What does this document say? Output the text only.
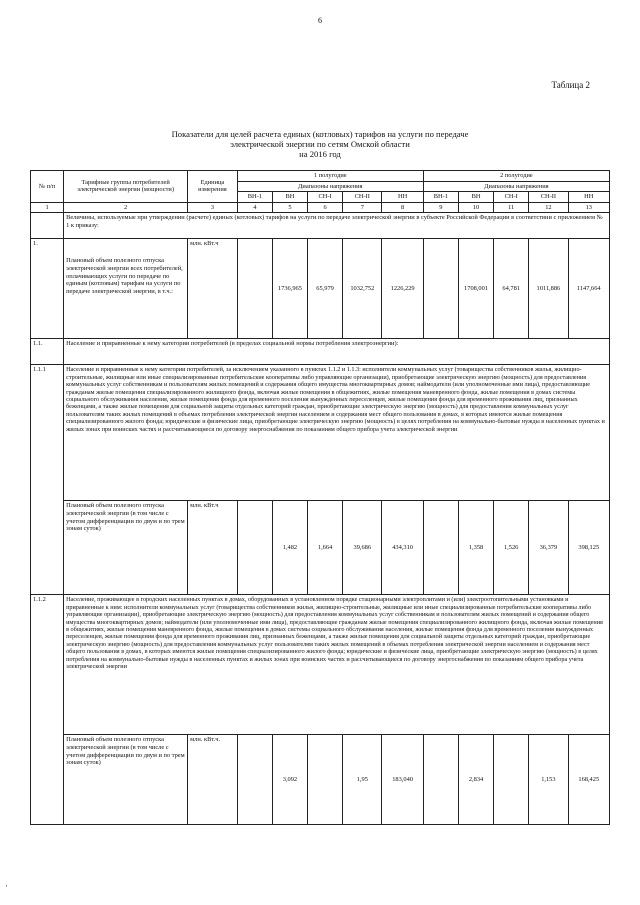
6
Таблица 2
Показатели для целей расчета единых (котловых) тарифов на услуги по передаче
электрической энергии по сетям Омской области
на 2016 год
№ п/п	Тарифные группы потребителей электрической энергии (мощности)	Единица измерения	1 полугодие					2 полугодие				
			Диапазоны напряжения					Диапазоны напряжения				
			ВН-1	ВН	СН-I	СН-II	НН	ВН-1	ВН	СН-I	СН-II	НН
1	2	3	4	5	6	7	8	9	10	11	12	13
	Величины, используемые при утверждении (расчете) единых (котловых) тарифов на услуги по передаче электрической энергии в субъекте Российской Федерации в соответствии с приложением № 1 к приказу:											
1.	Плановый объем полезного отпуска электрической энергии всех потребителей, оплачивающих услуги по передаче по единым (котловым) тарифам на услуги по передаче электрической энергии, в т.ч.:	млн. кВт.ч		1736,965	65,979	1032,752	1226,229		1708,001	64,781	1011,886	1147,664
1.1.	Население и приравненные к нему категории потребителей (в пределах социальной нормы потребления электроэнергии):											
1.1.1	Население и приравненные к нему категории потребителей, за исключением указанного в пунктах 1.1.2 и 1.1.3: исполнители коммунальных услуг (товарищества собственников жилья, жилищно-строительные, жилищные или иные специализированные потребительские кооперативы либо управляющие организации), приобретающие электрическую энергию (мощность) для предоставления коммунальных услуг собственникам и пользователям жилых помещений и содержания общего имущества многоквартирных домов; наймодатели (или уполномоченные ими лица), предоставляющие гражданам жилые помещения специализированного жилищного фонда, включая жилые помещения в общежитиях, жилые помещения маневренного фонда, жилые помещения в домах системы социального обслуживания населения, жилые помещения фонда для временного поселения вынужденных переселенцев, жилые помещения фонда для временного проживания лиц, признанных беженцами, а также жилые помещения для социальной защиты отдельных категорий граждан, приобретающие электрическую энергию (мощность) для предоставления коммунальных услуг пользователям таких жилых помещений в объемах потребления электрической энергии населением и содержания мест общего пользования в домах, в которых имеются жилые помещения специализированного жилого фонда; юридические и физические лица, приобретающие электрическую энергию (мощность) в целях потребления на коммунально-бытовые нужды в населенных пунктах и жилых зонах при воинских частях и рассчитывающиеся по договору энергоснабжения по показаниям общего прибора учета электрической энергии											
	Плановый объем полезного отпуска электрической энергии (в том числе с учетом дифференциации по двум и по трем зонам суток)	млн. кВт.ч		1,482	1,664	39,686	434,310		1,358	1,526	36,379	398,125
1.1.2	Население, проживающее в городских населенных пунктах в домах, оборудованных в установленном порядке стационарными электроплитами и (или) электроотопительными установками и приравненные к ним: исполнители коммунальных услуг (товарищества собственников жилья, жилищно-строительные, жилищные или иные специализированные потребительские кооперативы либо управляющие организации), приобретающие электрическую энергию (мощность) для предоставления коммунальных услуг собственникам и пользователям жилых помещений и содержания общего имущества многоквартирных домов; наймодатели (или уполномоченные ими лица), предоставляющие гражданам жилые помещения специализированного жилищного фонда, включая жилые помещения в общежитиях, жилые помещения маневренного фонда, жилые помещения в домах системы социального обслуживания населения, жилые помещения фонда для временного поселения вынужденных переселенцев, жилые помещения фонда для временного проживания лиц, признанных беженцами, а также жилые помещения для социальной защиты отдельных категорий граждан, приобретающие электрическую энергию (мощность) для предоставления коммунальных услуг пользователям таких жилых помещений в объемах потребления электрической энергии населением и содержания мест общего пользования в домах, в которых имеются жилые помещения специализированного жилого фонда; юридические и физические лица, приобретающие электрическую энергию (мощность) в целях потребления на коммунально-бытовые нужды в населенных пунктах и жилых зонах при воинских частях и рассчитывающиеся по договору энергоснабжения по показаниям общего прибора учета электрической энергии											
	Плановый объем полезного отпуска электрической энергии (в том числе с учетом дифференциации по двум и по трем зонам суток)	млн. кВт.ч.		3,092		1,95	183,040		2,834		1,153	168,425
'
